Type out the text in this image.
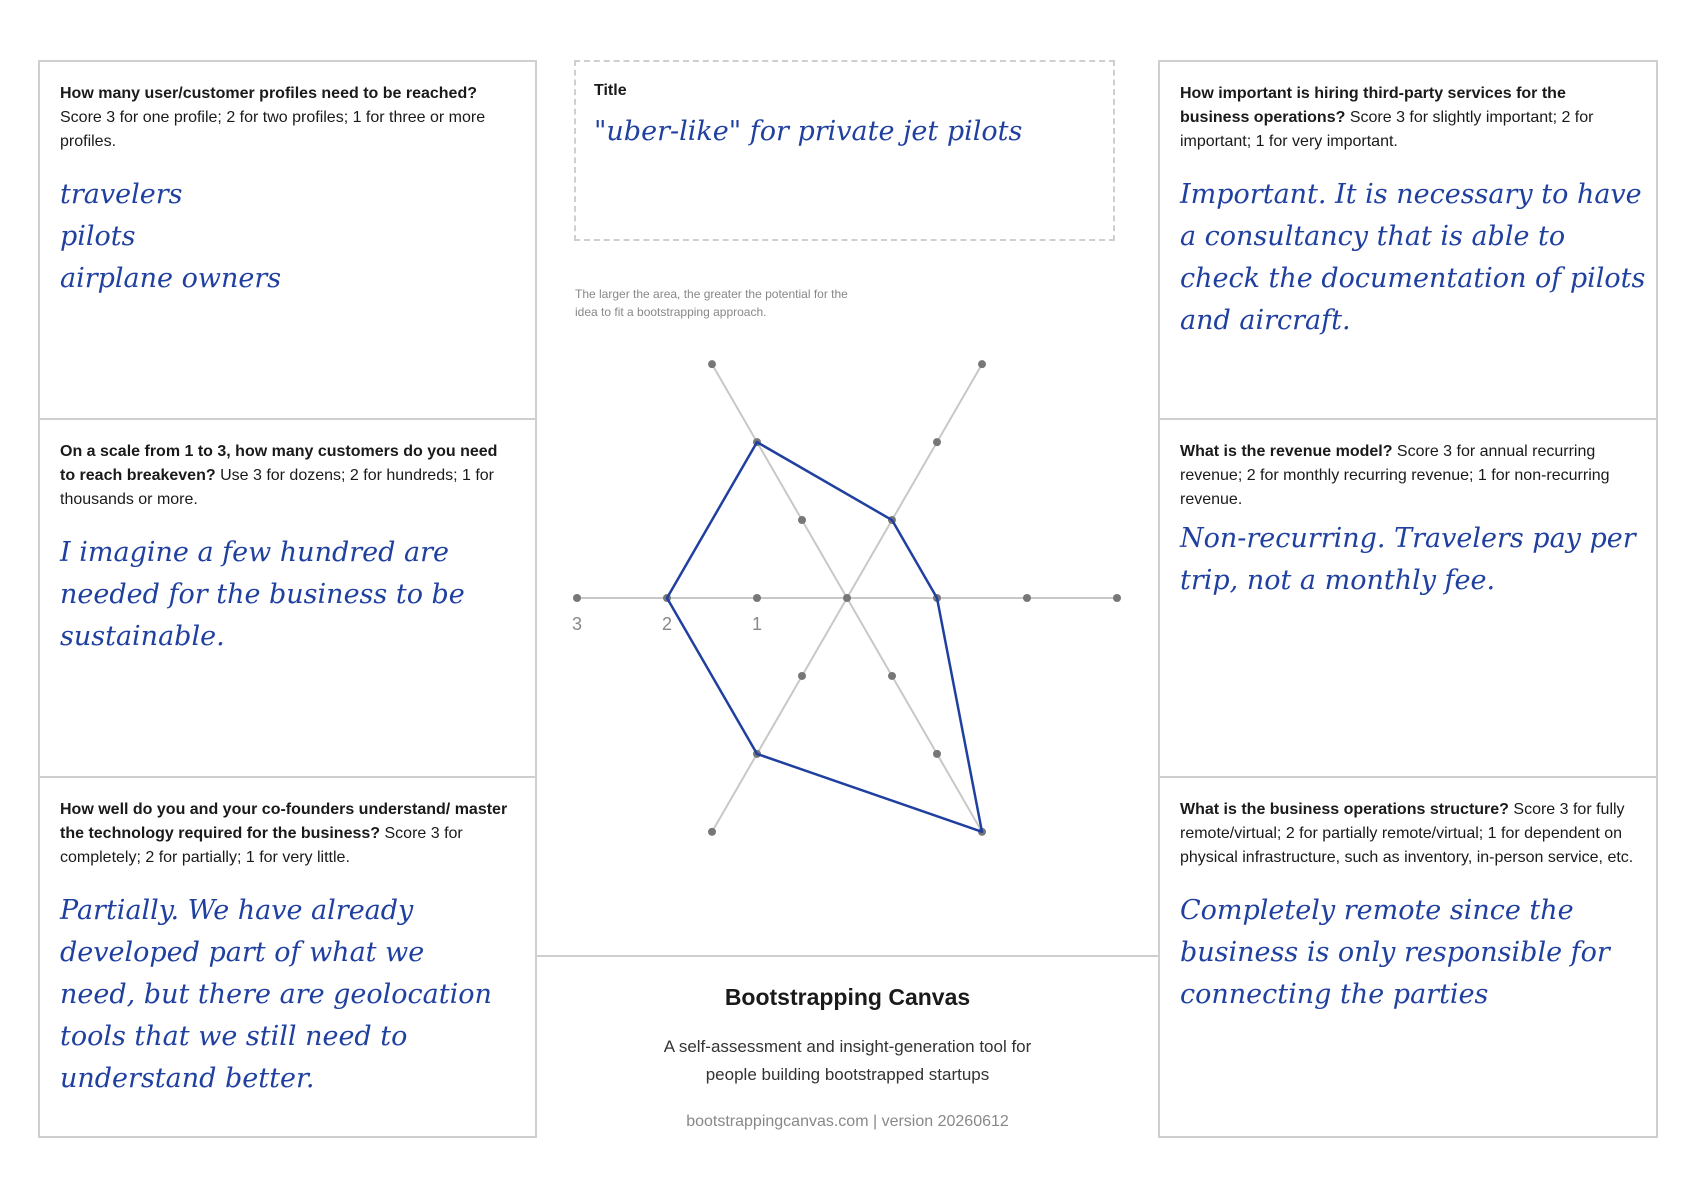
How many user/customer profiles need to be reached? Score 3 for one profile; 2 for two profiles; 1 for three or more profiles.

travelers
pilots
airplane owners

On a scale from 1 to 3, how many customers do you need to reach breakeven? Use 3 for dozens; 2 for hundreds; 1 for thousands or more.

I imagine a few hundred are
needed for the business to be
sustainable.

How well do you and your co-founders understand/ master the technology required for the business? Score 3 for completely; 2 for partially; 1 for very little.

Partially. We have already
developed part of what we
need, but there are geolocation
tools that we still need to
understand better.

How important is hiring third-party services for the business operations? Score 3 for slightly important; 2 for important; 1 for very important.

Important. It is necessary to have
a consultancy that is able to
check the documentation of pilots
and aircraft.

What is the revenue model? Score 3 for annual recurring revenue; 2 for monthly recurring revenue; 1 for non-recurring revenue.

Non-recurring. Travelers pay per
trip, not a monthly fee.

What is the business operations structure? Score 3 for fully remote/virtual; 2 for partially remote/virtual; 1 for dependent on physical infrastructure, such as inventory, in-person service, etc.

Completely remote since the
business is only responsible for
connecting the parties

Title

"uber-like" for private jet pilots
The larger the area, the greater the potential for the idea to fit a bootstrapping approach.
3	2	1
Bootstrapping Canvas
A self-assessment and insight-generation tool for
people building bootstrapped startups
bootstrappingcanvas.com | version 20260612
